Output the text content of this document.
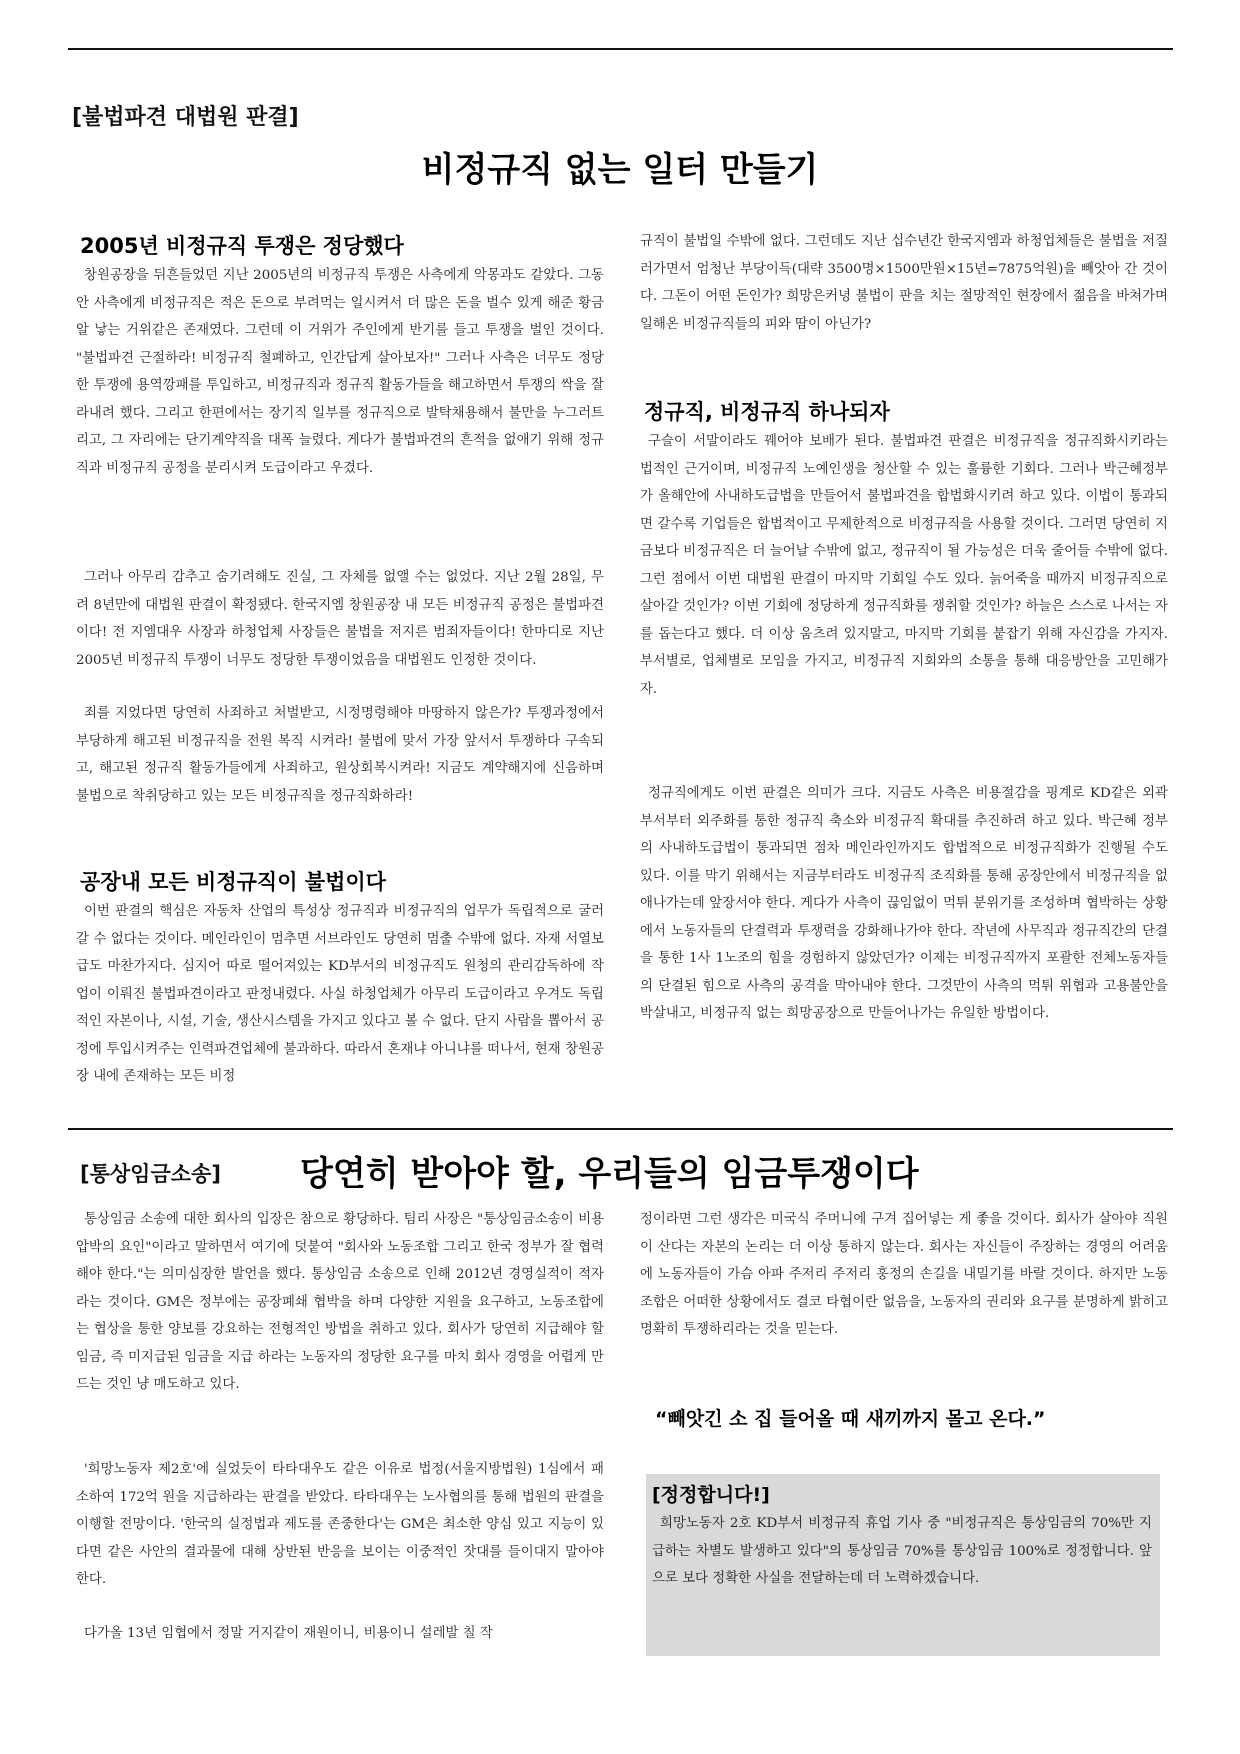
[불법파견 대법원 판결]
비정규직 없는 일터 만들기
2005년 비정규직 투쟁은 정당했다

창원공장을 뒤흔들었던 지난 2005년의 비정규직 투쟁은 사측에게 악몽과도 같았다. 그동안 사측에게 비정규직은 적은 돈으로 부려먹는 일시켜서 더 많은 돈을 벌수 있게 해준 황금알 낳는 거위같은 존재였다. 그런데 이 거위가 주인에게 반기를 들고 투쟁을 벌인 것이다. "불법파견 근절하라! 비정규직 철폐하고, 인간답게 살아보자!" 그러나 사측은 너무도 정당한 투쟁에 용역깡패를 투입하고, 비정규직과 정규직 활동가들을 해고하면서 투쟁의 싹을 잘라내려 했다. 그리고 한편에서는 장기직 일부를 정규직으로 발탁채용해서 불만을 누그러트리고, 그 자리에는 단기계약직을 대폭 늘렸다. 게다가 불법파견의 흔적을 없애기 위해 정규직과 비정규직 공정을 분리시켜 도급이라고 우겼다.

그러나 아무리 감추고 숨기려해도 진실, 그 자체를 없앨 수는 없었다. 지난 2월 28일, 무려 8년만에 대법원 판결이 확정됐다. 한국지엠 창원공장 내 모든 비정규직 공정은 불법파견이다! 전 지엠대우 사장과 하청업체 사장들은 불법을 저지른 범죄자들이다! 한마디로 지난 2005년 비정규직 투쟁이 너무도 정당한 투쟁이었음을 대법원도 인정한 것이다.

죄를 지었다면 당연히 사죄하고 처벌받고, 시정명령해야 마땅하지 않은가? 투쟁과정에서 부당하게 해고된 비정규직을 전원 복직 시켜라! 불법에 맞서 가장 앞서서 투쟁하다 구속되고, 해고된 정규직 활동가들에게 사죄하고, 원상회복시켜라! 지금도 계약해지에 신음하며 불법으로 착취당하고 있는 모든 비정규직을 정규직화하라!

공장내 모든 비정규직이 불법이다

이번 판결의 핵심은 자동차 산업의 특성상 정규직과 비정규직의 업무가 독립적으로 굴러갈 수 없다는 것이다. 메인라인이 멈추면 서브라인도 당연히 멈출 수밖에 없다. 자재 서열보급도 마찬가지다. 심지어 따로 떨어져있는 KD부서의 비정규직도 원청의 관리감독하에 작업이 이뤄진 불법파견이라고 판정내렸다. 사실 하청업체가 아무리 도급이라고 우겨도 독립적인 자본이나, 시설, 기술, 생산시스템을 가지고 있다고 볼 수 없다. 단지 사람을 뽑아서 공정에 투입시켜주는 인력파견업체에 불과하다. 따라서 혼재냐 아니냐를 떠나서, 현재 창원공장 내에 존재하는 모든 비정

규직이 불법일 수밖에 없다. 그런데도 지난 십수년간 한국지엠과 하청업체들은 불법을 저질러가면서 엄청난 부당이득(대략 3500명×1500만원×15년=7875억원)을 빼앗아 간 것이다. 그돈이 어떤 돈인가? 희망은커녕 불법이 판을 치는 절망적인 현장에서 젊음을 바쳐가며 일해온 비정규직들의 피와 땀이 아닌가?

정규직, 비정규직 하나되자

구슬이 서말이라도 꿰어야 보배가 된다. 불법파견 판결은 비정규직을 정규직화시키라는 법적인 근거이며, 비정규직 노예인생을 청산할 수 있는 훌륭한 기회다. 그러나 박근혜정부가 올해안에 사내하도급법을 만들어서 불법파견을 합법화시키려 하고 있다. 이법이 통과되면 갈수록 기업들은 합법적이고 무제한적으로 비정규직을 사용할 것이다. 그러면 당연히 지금보다 비정규직은 더 늘어날 수밖에 없고, 정규직이 될 가능성은 더욱 줄어들 수밖에 없다. 그런 점에서 이번 대법원 판결이 마지막 기회일 수도 있다. 늙어죽을 때까지 비정규직으로 살아갈 것인가? 이번 기회에 정당하게 정규직화를 쟁취할 것인가? 하늘은 스스로 나서는 자를 돕는다고 했다. 더 이상 움츠려 있지말고, 마지막 기회를 붙잡기 위해 자신감을 가지자. 부서별로, 업체별로 모임을 가지고, 비정규직 지회와의 소통을 통해 대응방안을 고민해가자.

정규직에게도 이번 판결은 의미가 크다. 지금도 사측은 비용절감을 핑계로 KD같은 외곽부서부터 외주화를 통한 정규직 축소와 비정규직 확대를 추진하려 하고 있다. 박근혜 정부의 사내하도급법이 통과되면 점차 메인라인까지도 합법적으로 비정규직화가 진행될 수도 있다. 이를 막기 위해서는 지금부터라도 비정규직 조직화를 통해 공장안에서 비정규직을 없애나가는데 앞장서야 한다. 게다가 사측이 끊임없이 먹튀 분위기를 조성하며 협박하는 상황에서 노동자들의 단결력과 투쟁력을 강화해나가야 한다. 작년에 사무직과 정규직간의 단결을 통한 1사 1노조의 힘을 경험하지 않았던가? 이제는 비정규직까지 포괄한 전체노동자들의 단결된 힘으로 사측의 공격을 막아내야 한다. 그것만이 사측의 먹튀 위협과 고용불안을 박살내고, 비정규직 없는 희망공장으로 만들어나가는 유일한 방법이다.

[통상임금소송] 당연히 받아야 할, 우리들의 임금투쟁이다

통상임금 소송에 대한 회사의 입장은 참으로 황당하다. 팀리 사장은 "통상임금소송이 비용 압박의 요인"이라고 말하면서 여기에 덧붙여 "회사와 노동조합 그리고 한국 정부가 잘 협력해야 한다."는 의미심장한 발언을 했다. 통상임금 소송으로 인해 2012년 경영실적이 적자라는 것이다. GM은 정부에는 공장폐쇄 협박을 하며 다양한 지원을 요구하고, 노동조합에는 협상을 통한 양보를 강요하는 전형적인 방법을 취하고 있다. 회사가 당연히 지급해야 할 임금, 즉 미지급된 임금을 지급 하라는 노동자의 정당한 요구를 마치 회사 경영을 어렵게 만드는 것인 냥 매도하고 있다.

'희망노동자 제2호'에 실었듯이 타타대우도 같은 이유로 법정(서울지방법원) 1심에서 패소하여 172억 원을 지급하라는 판결을 받았다. 타타대우는 노사협의를 통해 법원의 판결을 이행할 전망이다. '한국의 실정법과 제도를 존중한다'는 GM은 최소한 양심 있고 지능이 있다면 같은 사안의 결과물에 대해 상반된 반응을 보이는 이중적인 잣대를 들이대지 말아야 한다.

다가올 13년 임협에서 정말 거지같이 재원이니, 비용이니 설레발 칠 작

정이라면 그런 생각은 미국식 주머니에 구겨 집어넣는 게 좋을 것이다. 회사가 살아야 직원이 산다는 자본의 논리는 더 이상 통하지 않는다. 회사는 자신들이 주장하는 경영의 어려움에 노동자들이 가슴 아파 주저리 주저리 훙정의 손길을 내밀기를 바랄 것이다. 하지만 노동조합은 어떠한 상황에서도 결코 타협이란 없음을, 노동자의 권리와 요구를 분명하게 밝히고 명확히 투쟁하리라는 것을 믿는다.

“빼앗긴 소 집 들어올 때 새끼까지 몰고 온다.”
[정정합니다!]

희망노동자 2호 KD부서 비정규직 휴업 기사 중 "비정규직은 통상임금의 70%만 지급하는 차별도 발생하고 있다"의 통상임금 70%를 통상임금 100%로 정정합니다. 앞으로 보다 정확한 사실을 전달하는데 더 노력하겠습니다.
